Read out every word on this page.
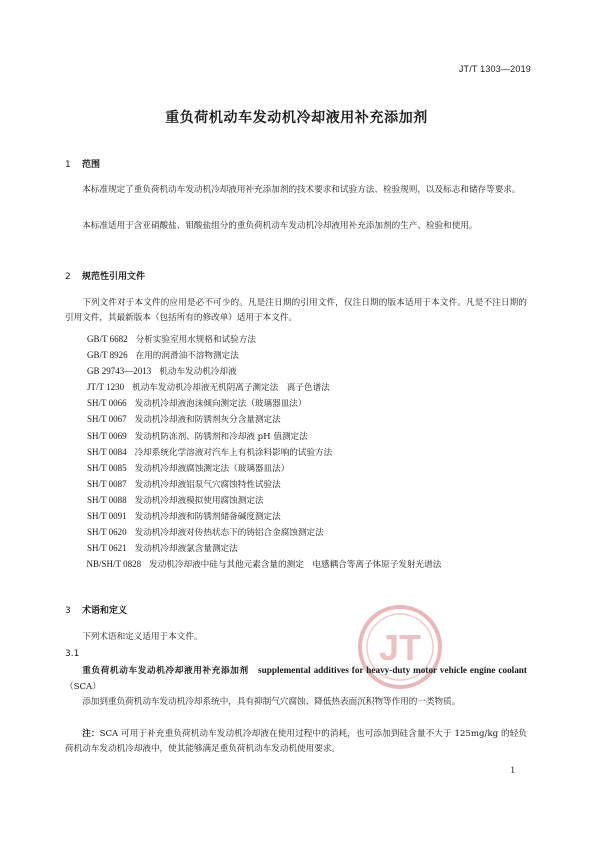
JT/T 1303—2019
重负荷机动车发动机冷却液用补充添加剂
1 范围
本标准规定了重负荷机动车发动机冷却液用补充添加剂的技术要求和试验方法、检验规则，以及标志和储存等要求。
本标准适用于含亚硝酸盐、钼酸盐组分的重负荷机动车发动机冷却液用补充添加剂的生产、检验和使用。
2 规范性引用文件
下列文件对于本文件的应用是必不可少的。凡是注日期的引用文件，仅注日期的版本适用于本文件。凡是不注日期的引用文件，其最新版本（包括所有的修改单）适用于本文件。
GB/T 6682 分析实验室用水规格和试验方法
GB/T 8926 在用的润滑油不溶物测定法
GB 29743—2013 机动车发动机冷却液
JT/T 1230 机动车发动机冷却液无机阴离子测定法　离子色谱法
SH/T 0066 发动机冷却液泡沫倾向测定法（玻璃器皿法）
SH/T 0067 发动机冷却液和防锈剂灰分含量测定法
SH/T 0069 发动机防冻剂、防锈剂和冷却液 pH 值测定法
SH/T 0084 冷却系统化学溶液对汽车上有机涂料影响的试验方法
SH/T 0085 发动机冷却液腐蚀测定法（玻璃器皿法）
SH/T 0087 发动机冷却液铝泵气穴腐蚀特性试验法
SH/T 0088 发动机冷却液模拟使用腐蚀测定法
SH/T 0091 发动机冷却液和防锈剂储备碱度测定法
SH/T 0620 发动机冷却液对传热状态下的铸铝合金腐蚀测定法
SH/T 0621 发动机冷却液氯含量测定法
NB/SH/T 0828 发动机冷却液中硅与其他元素含量的测定　电感耦合等离子体原子发射光谱法
3 术语和定义
下列术语和定义适用于本文件。	JT
3.1
重负荷机动车发动机冷却液用补充添加剂　 supplemental additives for heavy-duty motor vehicle engine coolant（SCA）
添加到重负荷机动车发动机冷却系统中，具有抑制气穴腐蚀、降低热表面沉积物等作用的一类物质。
注：SCA 可用于补充重负荷机动车发动机冷却液在使用过程中的消耗，也可添加到硅含量不大于 125mg/kg 的轻负荷机动车发动机冷却液中，使其能够满足重负荷机动车发动机使用要求。
1
